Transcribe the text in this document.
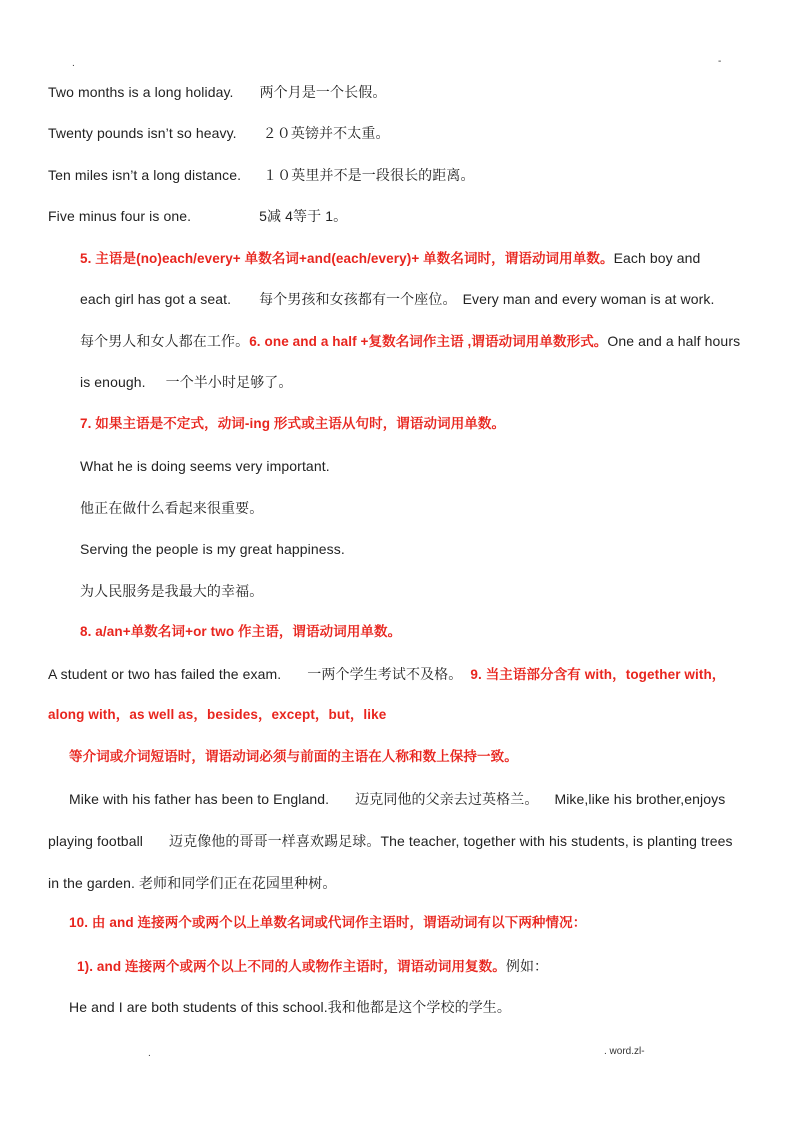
.	-
Two months is a long holiday. 两个月是一个长假。
Twenty pounds isn’t so heavy. ２０英镑并不太重。
Ten miles isn’t a long distance. １０英里并不是一段很长的距离。
Five minus four is one.	5减 4等于 1。
5. 主语是(no)each/every+ 单数名词+and(each/every)+ 单数名词时，谓语动词用单数。Each boy and
each girl has got a seat. 每个男孩和女孩都有一个座位。 Every man and every woman is at work.
每个男人和女人都在工作。6. one and a half +复数名词作主语 ,谓语动词用单数形式。One and a half hours
is enough. 一个半小时足够了。
7. 如果主语是不定式，动词-ing 形式或主语从句时，谓语动词用单数。
What he is doing seems very important.
他正在做什么看起来很重要。
Serving the people is my great happiness.
为人民服务是我最大的幸福。
8. a/an+单数名词+or two 作主语，谓语动词用单数。
A student or two has failed the exam. 一两个学生考试不及格。 9. 当主语部分含有 with，together with，
along with，as well as，besides，except，but，like
等介词或介词短语时，谓语动词必须与前面的主语在人称和数上保持一致。
Mike with his father has been to England. 迈克同他的父亲去过英格兰。 Mike,like his brother,enjoys
playing football 迈克像他的哥哥一样喜欢踢足球。The teacher, together with his students, is planting trees
in the garden. 老师和同学们正在花园里种树。
10. 由 and 连接两个或两个以上单数名词或代词作主语时，谓语动词有以下两种情况：
1). and 连接两个或两个以上不同的人或物作主语时，谓语动词用复数。例如：
He and I are both students of this school.我和他都是这个学校的学生。
.	. word.zl-
